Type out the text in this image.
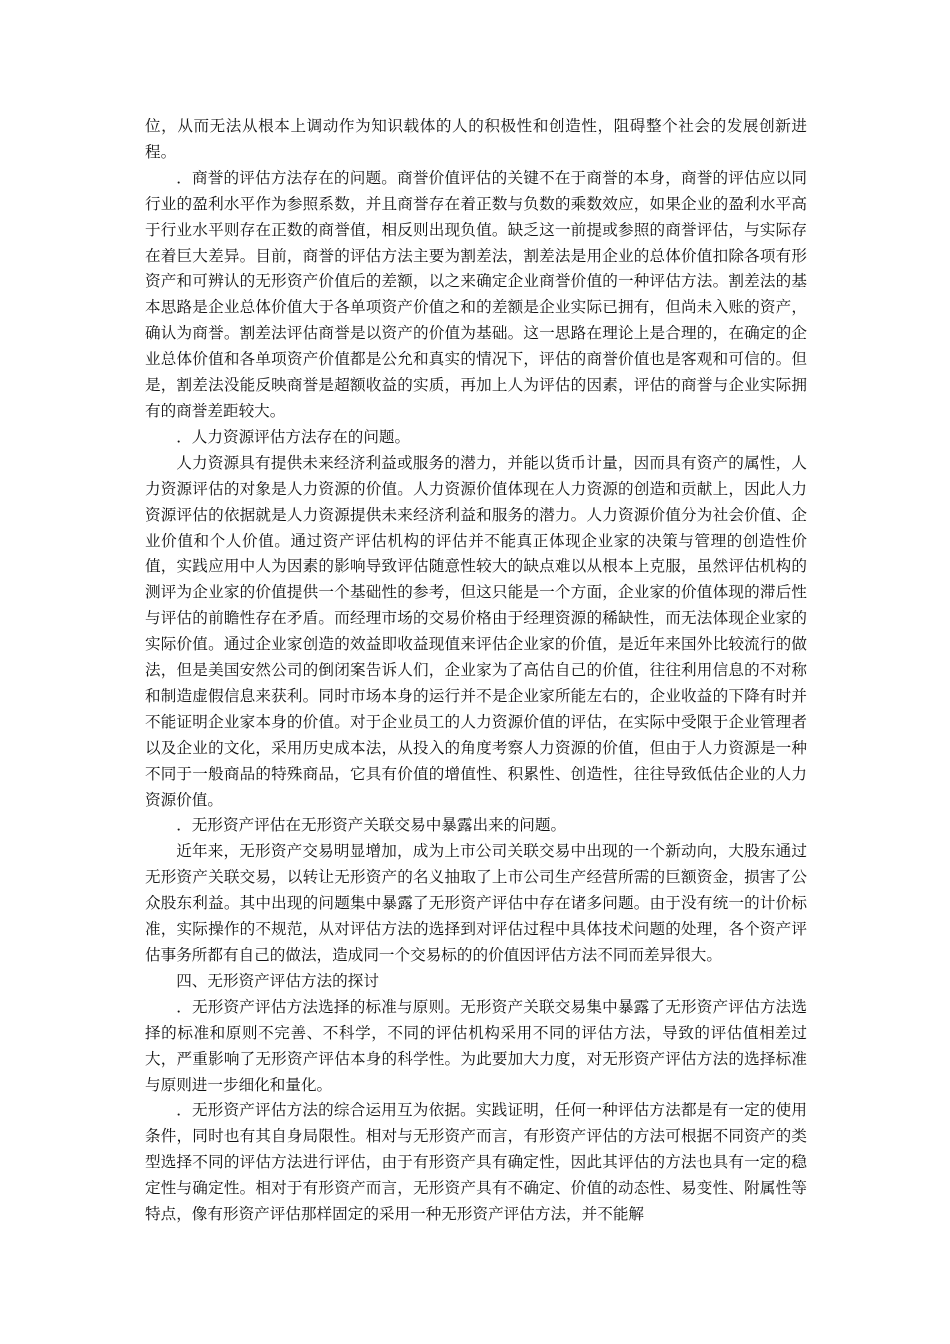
位，从而无法从根本上调动作为知识载体的人的积极性和创造性，阻碍整个社会的发展创新进程。

．商誉的评估方法存在的问题。商誉价值评估的关键不在于商誉的本身，商誉的评估应以同行业的盈利水平作为参照系数，并且商誉存在着正数与负数的乘数效应，如果企业的盈利水平高于行业水平则存在正数的商誉值，相反则出现负值。缺乏这一前提或参照的商誉评估，与实际存在着巨大差异。目前，商誉的评估方法主要为割差法，割差法是用企业的总体价值扣除各项有形资产和可辨认的无形资产价值后的差额，以之来确定企业商誉价值的一种评估方法。割差法的基本思路是企业总体价值大于各单项资产价值之和的差额是企业实际已拥有，但尚未入账的资产，确认为商誉。割差法评估商誉是以资产的价值为基础。这一思路在理论上是合理的，在确定的企业总体价值和各单项资产价值都是公允和真实的情况下，评估的商誉价值也是客观和可信的。但是，割差法没能反映商誉是超额收益的实质，再加上人为评估的因素，评估的商誉与企业实际拥有的商誉差距较大。

．人力资源评估方法存在的问题。

人力资源具有提供未来经济利益或服务的潜力，并能以货币计量，因而具有资产的属性，人力资源评估的对象是人力资源的价值。人力资源价值体现在人力资源的创造和贡献上，因此人力资源评估的依据就是人力资源提供未来经济利益和服务的潜力。人力资源价值分为社会价值、企业价值和个人价值。通过资产评估机构的评估并不能真正体现企业家的决策与管理的创造性价值，实践应用中人为因素的影响导致评估随意性较大的缺点难以从根本上克服，虽然评估机构的测评为企业家的价值提供一个基础性的参考，但这只能是一个方面，企业家的价值体现的滞后性与评估的前瞻性存在矛盾。而经理市场的交易价格由于经理资源的稀缺性，而无法体现企业家的实际价值。通过企业家创造的效益即收益现值来评估企业家的价值，是近年来国外比较流行的做法，但是美国安然公司的倒闭案告诉人们，企业家为了高估自己的价值，往往利用信息的不对称和制造虚假信息来获利。同时市场本身的运行并不是企业家所能左右的，企业收益的下降有时并不能证明企业家本身的价值。对于企业员工的人力资源价值的评估，在实际中受限于企业管理者以及企业的文化，采用历史成本法，从投入的角度考察人力资源的价值，但由于人力资源是一种不同于一般商品的特殊商品，它具有价值的增值性、积累性、创造性，往往导致低估企业的人力资源价值。

．无形资产评估在无形资产关联交易中暴露出来的问题。

近年来，无形资产交易明显增加，成为上市公司关联交易中出现的一个新动向，大股东通过无形资产关联交易，以转让无形资产的名义抽取了上市公司生产经营所需的巨额资金，损害了公众股东利益。其中出现的问题集中暴露了无形资产评估中存在诸多问题。由于没有统一的计价标准，实际操作的不规范，从对评估方法的选择到对评估过程中具体技术问题的处理，各个资产评估事务所都有自己的做法，造成同一个交易标的的价值因评估方法不同而差异很大。

四、无形资产评估方法的探讨

．无形资产评估方法选择的标准与原则。无形资产关联交易集中暴露了无形资产评估方法选择的标准和原则不完善、不科学，不同的评估机构采用不同的评估方法，导致的评估值相差过大，严重影响了无形资产评估本身的科学性。为此要加大力度，对无形资产评估方法的选择标准与原则进一步细化和量化。

．无形资产评估方法的综合运用互为依据。实践证明，任何一种评估方法都是有一定的使用条件，同时也有其自身局限性。相对与无形资产而言，有形资产评估的方法可根据不同资产的类型选择不同的评估方法进行评估，由于有形资产具有确定性，因此其评估的方法也具有一定的稳定性与确定性。相对于有形资产而言，无形资产具有不确定、价值的动态性、易变性、附属性等特点，像有形资产评估那样固定的采用一种无形资产评估方法，并不能解
